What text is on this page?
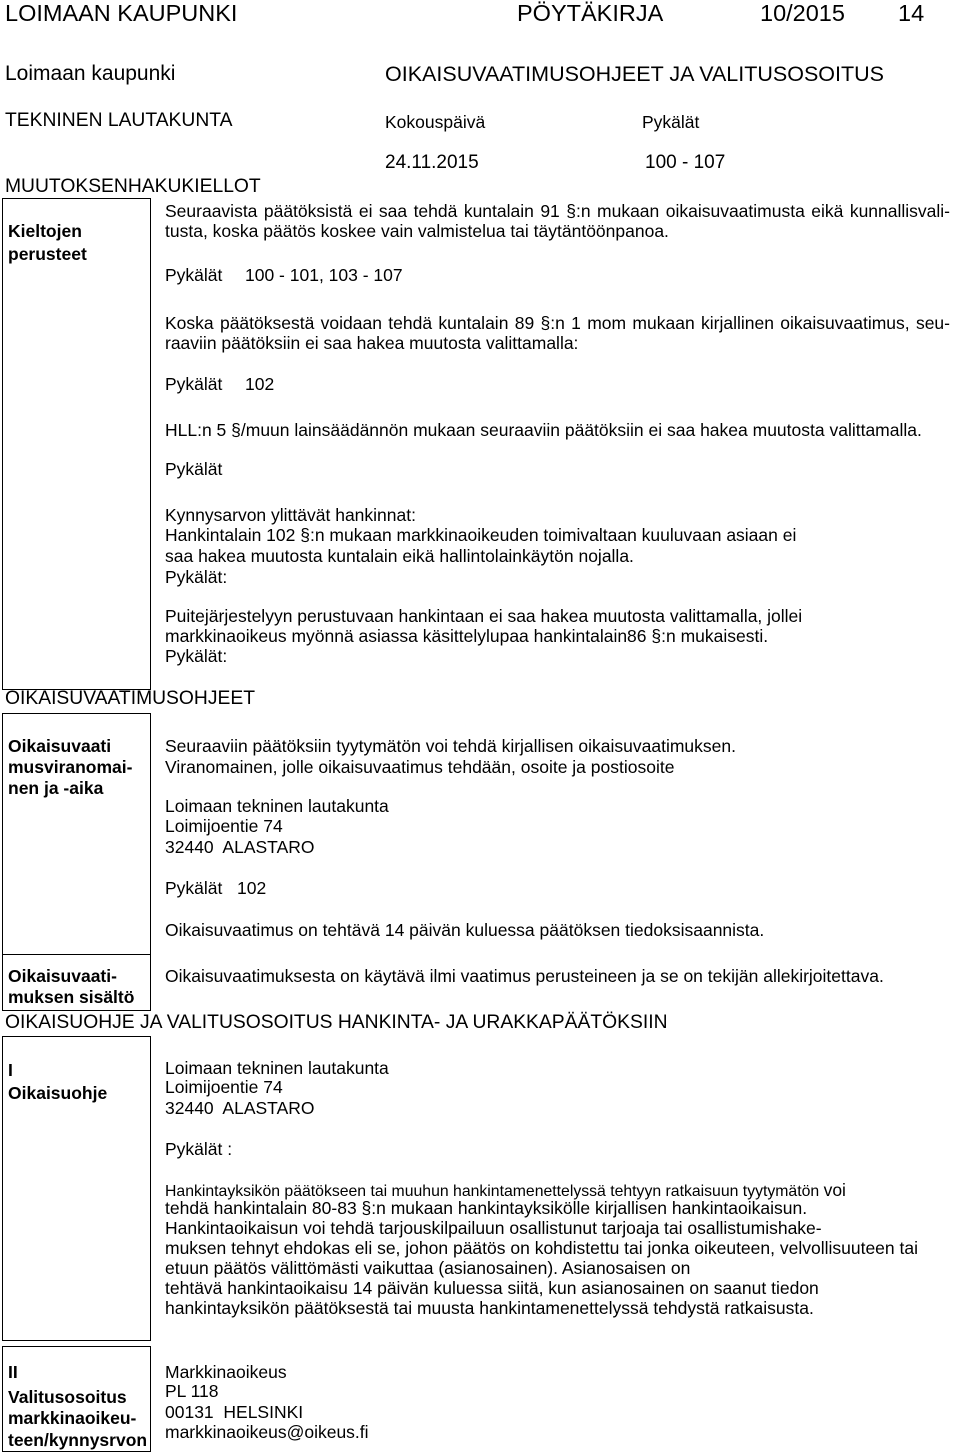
LOIMAAN KAUPUNKI	PÖYTÄKIRJA	10/2015 14
Loimaan kaupunki	OIKAISUVAATIMUSOHJEET JA VALITUSOSOITUS
TEKNINEN LAUTAKUNTA	Kokouspäivä	Pykälät
24.11.2015	100 - 107
MUUTOKSENHAKUKIELLOT
Kieltojen
perusteet
Seuraavista päätöksistä ei saa tehdä kuntalain 91 §:n mukaan oikaisuvaatimusta eikä kunnallisvali-
tusta, koska päätös koskee vain valmistelua tai täytäntöönpanoa.
Pykälät 100 - 101, 103 - 107
Koska päätöksestä voidaan tehdä kuntalain 89 §:n 1 mom mukaan kirjallinen oikaisuvaatimus, seu-
raaviin päätöksiin ei saa hakea muutosta valittamalla:
Pykälät 102
HLL:n 5 §/muun lainsäädännön mukaan seuraaviin päätöksiin ei saa hakea muutosta valittamalla.
Pykälät
Kynnysarvon ylittävät hankinnat:
Hankintalain 102 §:n mukaan markkinaoikeuden toimivaltaan kuuluvaan asiaan ei
saa hakea muutosta kuntalain eikä hallintolainkäytön nojalla.
Pykälät:
Puitejärjestelyyn perustuvaan hankintaan ei saa hakea muutosta valittamalla, jollei
markkinaoikeus myönnä asiassa käsittelylupaa hankintalain86 §:n mukaisesti.
Pykälät:
OIKAISUVAATIMUSOHJEET
Oikaisuvaati
musviranomai-
nen ja -aika
Seuraaviin päätöksiin tyytymätön voi tehdä kirjallisen oikaisuvaatimuksen.
Viranomainen, jolle oikaisuvaatimus tehdään, osoite ja postiosoite
Loimaan tekninen lautakunta
Loimijoentie 74
32440  ALASTARO
Pykälät 102
Oikaisuvaatimus on tehtävä 14 päivän kuluessa päätöksen tiedoksisaannista.
Oikaisuvaati-
muksen sisältö
Oikaisuvaatimuksesta on käytävä ilmi vaatimus perusteineen ja se on tekijän allekirjoitettava.
OIKAISUOHJE JA VALITUSOSOITUS HANKINTA- JA URAKKAPÄÄTÖKSIIN
I
Oikaisuohje
Loimaan tekninen lautakunta
Loimijoentie 74
32440  ALASTARO
Pykälät :
Hankintayksikön päätökseen tai muuhun hankintamenettelyssä tehtyyn ratkaisuun tyytymätön voi
tehdä hankintalain 80-83 §:n mukaan hankintayksikölle kirjallisen hankintaoikaisun.
Hankintaoikaisun voi tehdä tarjouskilpailuun osallistunut tarjoaja tai osallistumishake-
muksen tehnyt ehdokas eli se, johon päätös on kohdistettu tai jonka oikeuteen, velvollisuuteen tai
etuun päätös välittömästi vaikuttaa (asianosainen). Asianosaisen on
tehtävä hankintaoikaisu 14 päivän kuluessa siitä, kun asianosainen on saanut tiedon
hankintayksikön päätöksestä tai muusta hankintamenettelyssä tehdystä ratkaisusta.
II
Valitusosoitus
markkinaoikeu-
teen/kynnysrvon
Markkinaoikeus
PL 118
00131  HELSINKI
markkinaoikeus@oikeus.fi
